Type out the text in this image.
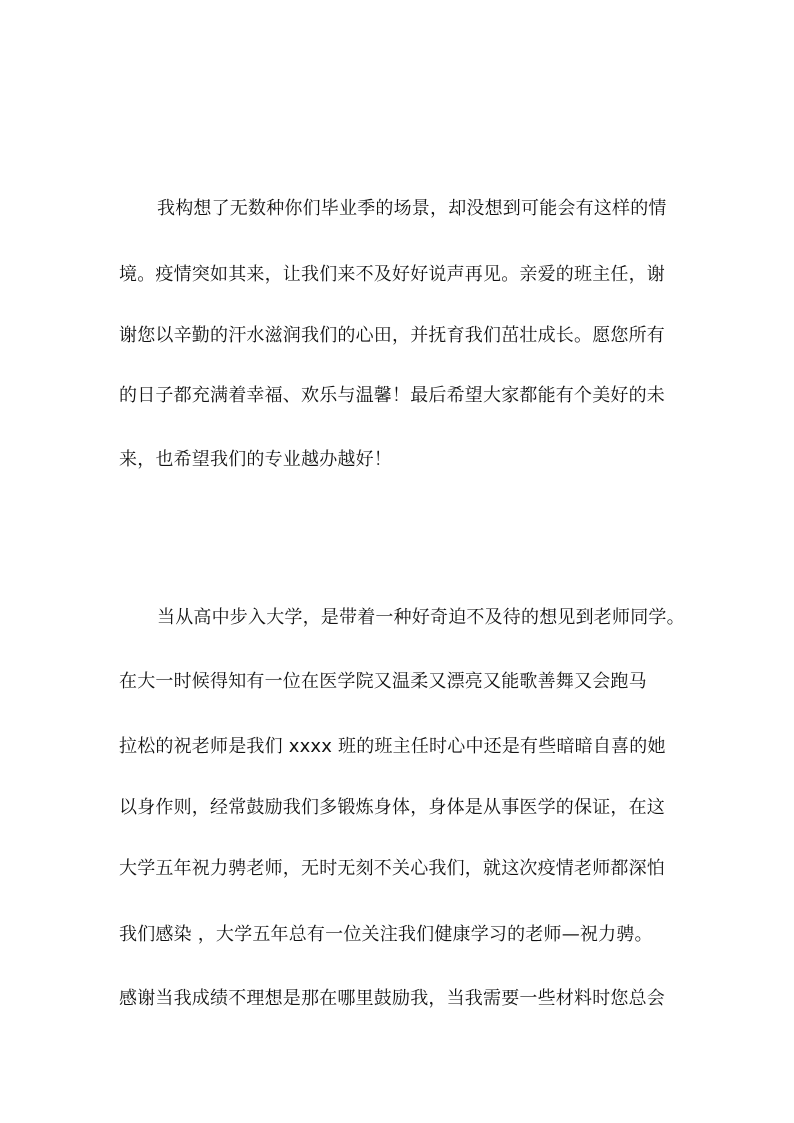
我构想了无数种你们毕业季的场景，却没想到可能会有这样的情
境。疫情突如其来，让我们来不及好好说声再见。亲爱的班主任，谢
谢您以辛勤的汗水滋润我们的心田，并抚育我们茁壮成长。愿您所有
的日子都充满着幸福、欢乐与温馨！最后希望大家都能有个美好的未
来，也希望我们的专业越办越好！
当从高中步入大学，是带着一种好奇迫不及待的想见到老师同学。
在大一时候得知有一位在医学院又温柔又漂亮又能歌善舞又会跑马
拉松的祝老师是我们 xxxx 班的班主任时心中还是有些暗暗自喜的她
以身作则，经常鼓励我们多锻炼身体，身体是从事医学的保证，在这
大学五年祝力骋老师，无时无刻不关心我们，就这次疫情老师都深怕
我们感染 ，大学五年总有一位关注我们健康学习的老师—祝力骋。
感谢当我成绩不理想是那在哪里鼓励我，当我需要一些材料时您总会
